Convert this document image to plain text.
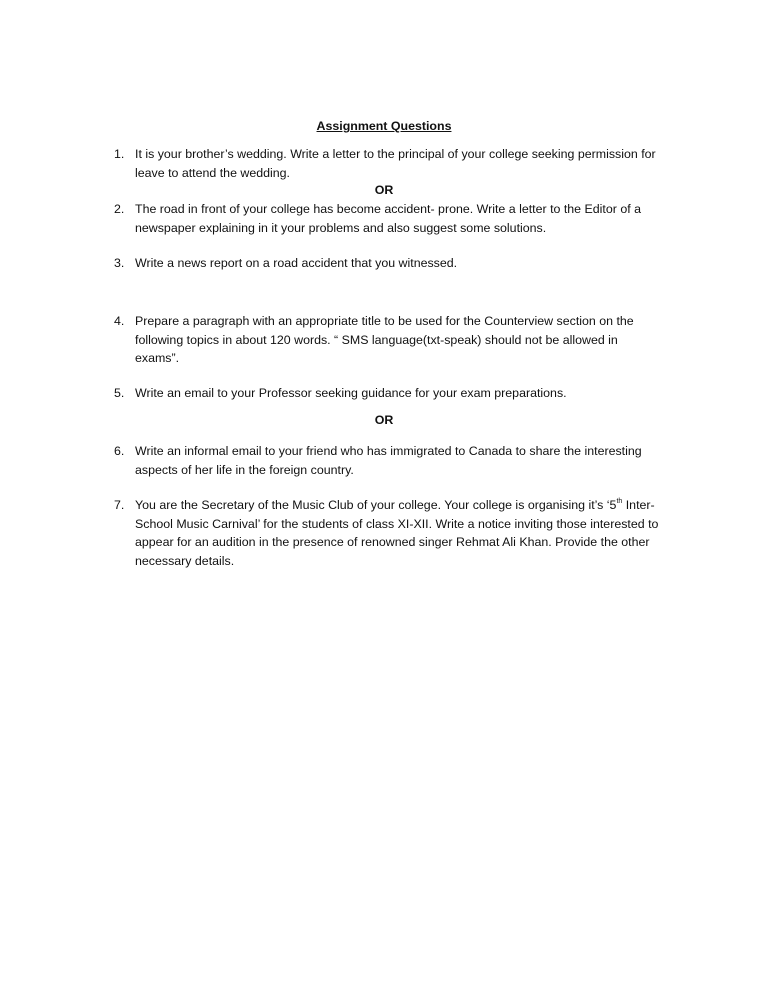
Assignment Questions
1. It is your brother’s wedding. Write a letter to the principal of your college seeking permission for
leave to attend the wedding.
OR
2. The road in front of your college has become accident- prone. Write a letter to the Editor of a
newspaper explaining in it your problems and also suggest some solutions.
3. Write a news report on a road accident that you witnessed.
4. Prepare a paragraph with an appropriate title to be used for the Counterview section on the
following topics in about 120 words. “ SMS language(txt-speak) should not be allowed in
exams”.
5. Write an email to your Professor seeking guidance for your exam preparations.
OR
6. Write an informal email to your friend who has immigrated to Canada to share the interesting
aspects of her life in the foreign country.
7. You are the Secretary of the Music Club of your college. Your college is organising it’s ‘5th Inter-
School Music Carnival’ for the students of class XI-XII. Write a notice inviting those interested to
appear for an audition in the presence of renowned singer Rehmat Ali Khan. Provide the other
necessary details.
